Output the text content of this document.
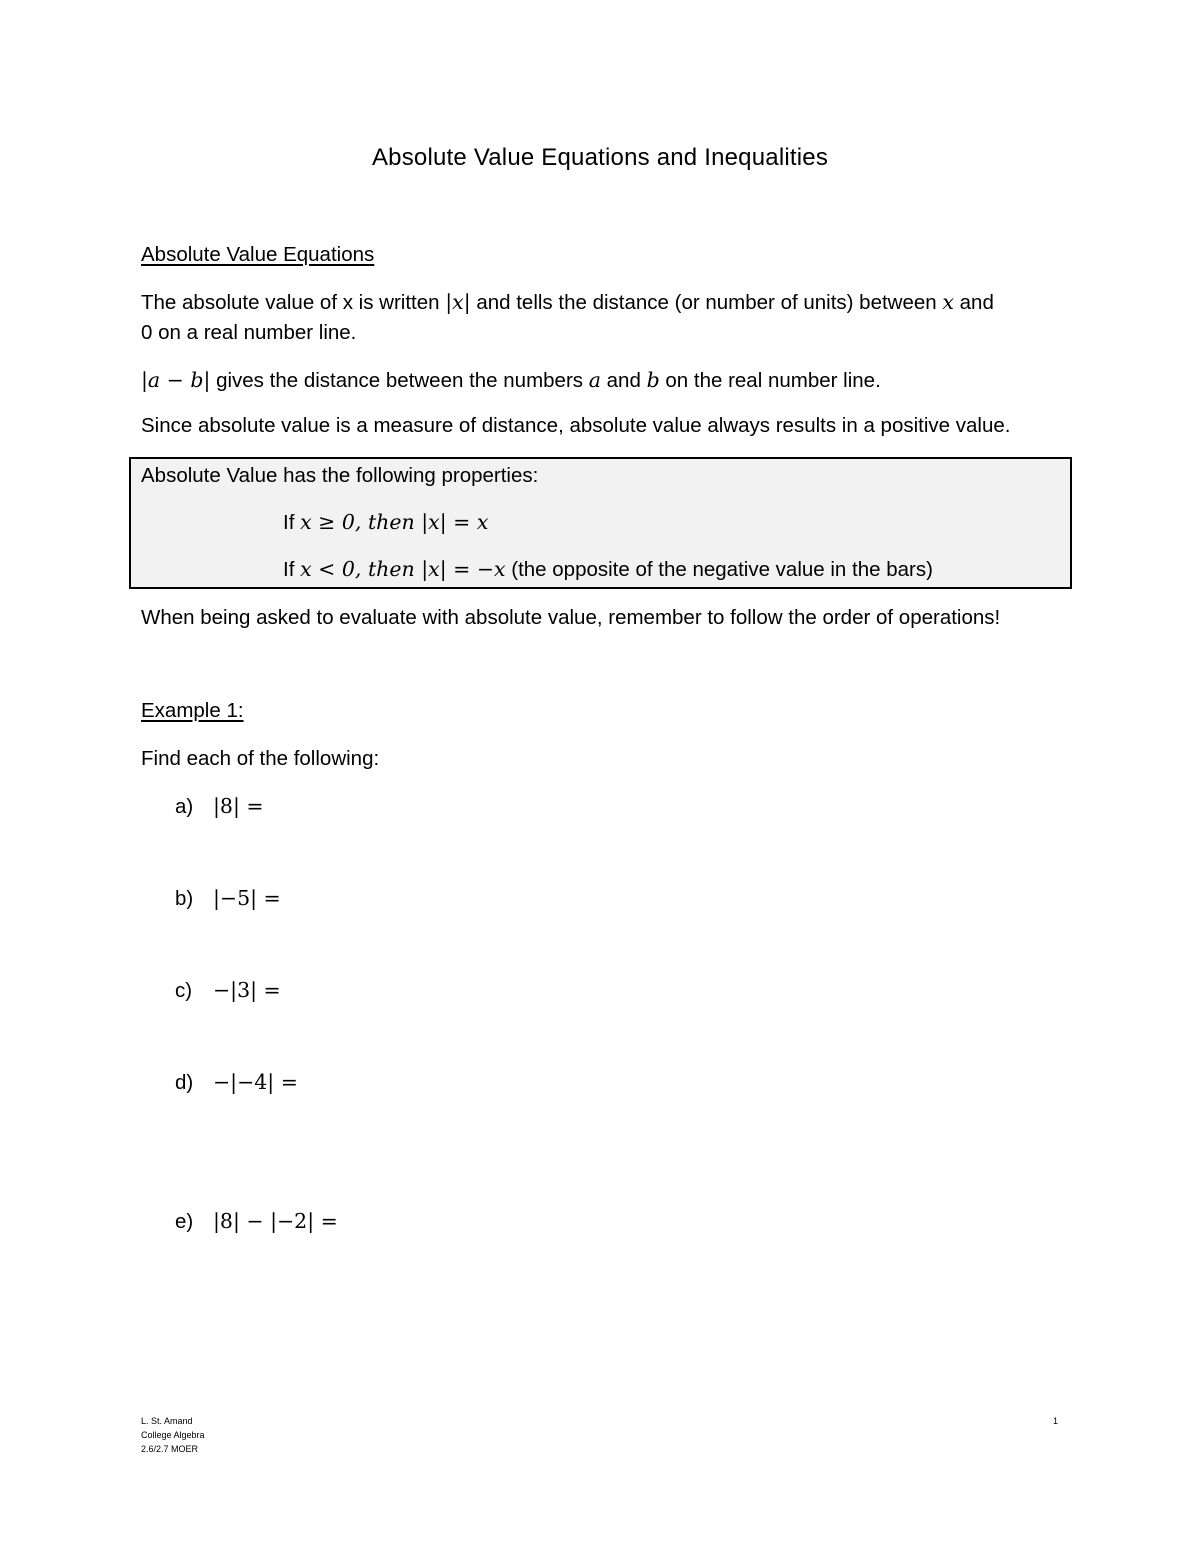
Absolute Value Equations and Inequalities
Absolute Value Equations
The absolute value of x is written |x| and tells the distance (or number of units) between x and
0 on a real number line.
|a − b| gives the distance between the numbers a and b on the real number line.
Since absolute value is a measure of distance, absolute value always results in a positive value.
Absolute Value has the following properties:
If x ≥ 0, then |x| = x
If x < 0, then |x| = −x (the opposite of the negative value in the bars)
When being asked to evaluate with absolute value, remember to follow the order of operations!
Example 1:
Find each of the following:
a) |8| =
b) |−5| =
c) −|3| =
d) −|−4| =
e) |8| − |−2| =
L. St. Amand
College Algebra
2.6/2.7 MOER
1
